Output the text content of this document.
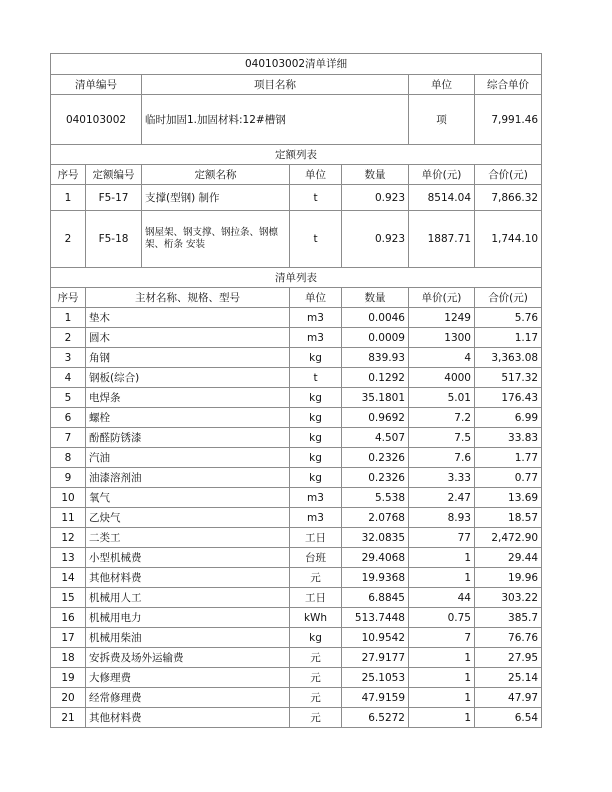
040103002清单详细						
清单编号		项目名称			单位	综合单价
040103002		临时加固1.加固材料:12#槽钢			项	7,991.46
定额列表						
序号	定额编号	定额名称	单位	数量	单价(元)	合价(元)
1	F5-17	支撑(型钢) 制作	t	0.923	8514.04	7,866.32
2	F5-18	钢屋架、钢支撑、钢拉条、钢檩架、桁条 安装	t	0.923	1887.71	1,744.10
清单列表						
序号	主材名称、规格、型号		单位	数量	单价(元)	合价(元)
1	垫木		m3	0.0046	1249	5.76
2	圆木		m3	0.0009	1300	1.17
3	角钢		kg	839.93	4	3,363.08
4	钢板(综合)		t	0.1292	4000	517.32
5	电焊条		kg	35.1801	5.01	176.43
6	螺栓		kg	0.9692	7.2	6.99
7	酚醛防锈漆		kg	4.507	7.5	33.83
8	汽油		kg	0.2326	7.6	1.77
9	油漆溶剂油		kg	0.2326	3.33	0.77
10	氧气		m3	5.538	2.47	13.69
11	乙炔气		m3	2.0768	8.93	18.57
12	二类工		工日	32.0835	77	2,472.90
13	小型机械费		台班	29.4068	1	29.44
14	其他材料费		元	19.9368	1	19.96
15	机械用人工		工日	6.8845	44	303.22
16	机械用电力		kWh	513.7448	0.75	385.7
17	机械用柴油		kg	10.9542	7	76.76
18	安拆费及场外运输费		元	27.9177	1	27.95
19	大修理费		元	25.1053	1	25.14
20	经常修理费		元	47.9159	1	47.97
21	其他材料费		元	6.5272	1	6.54
